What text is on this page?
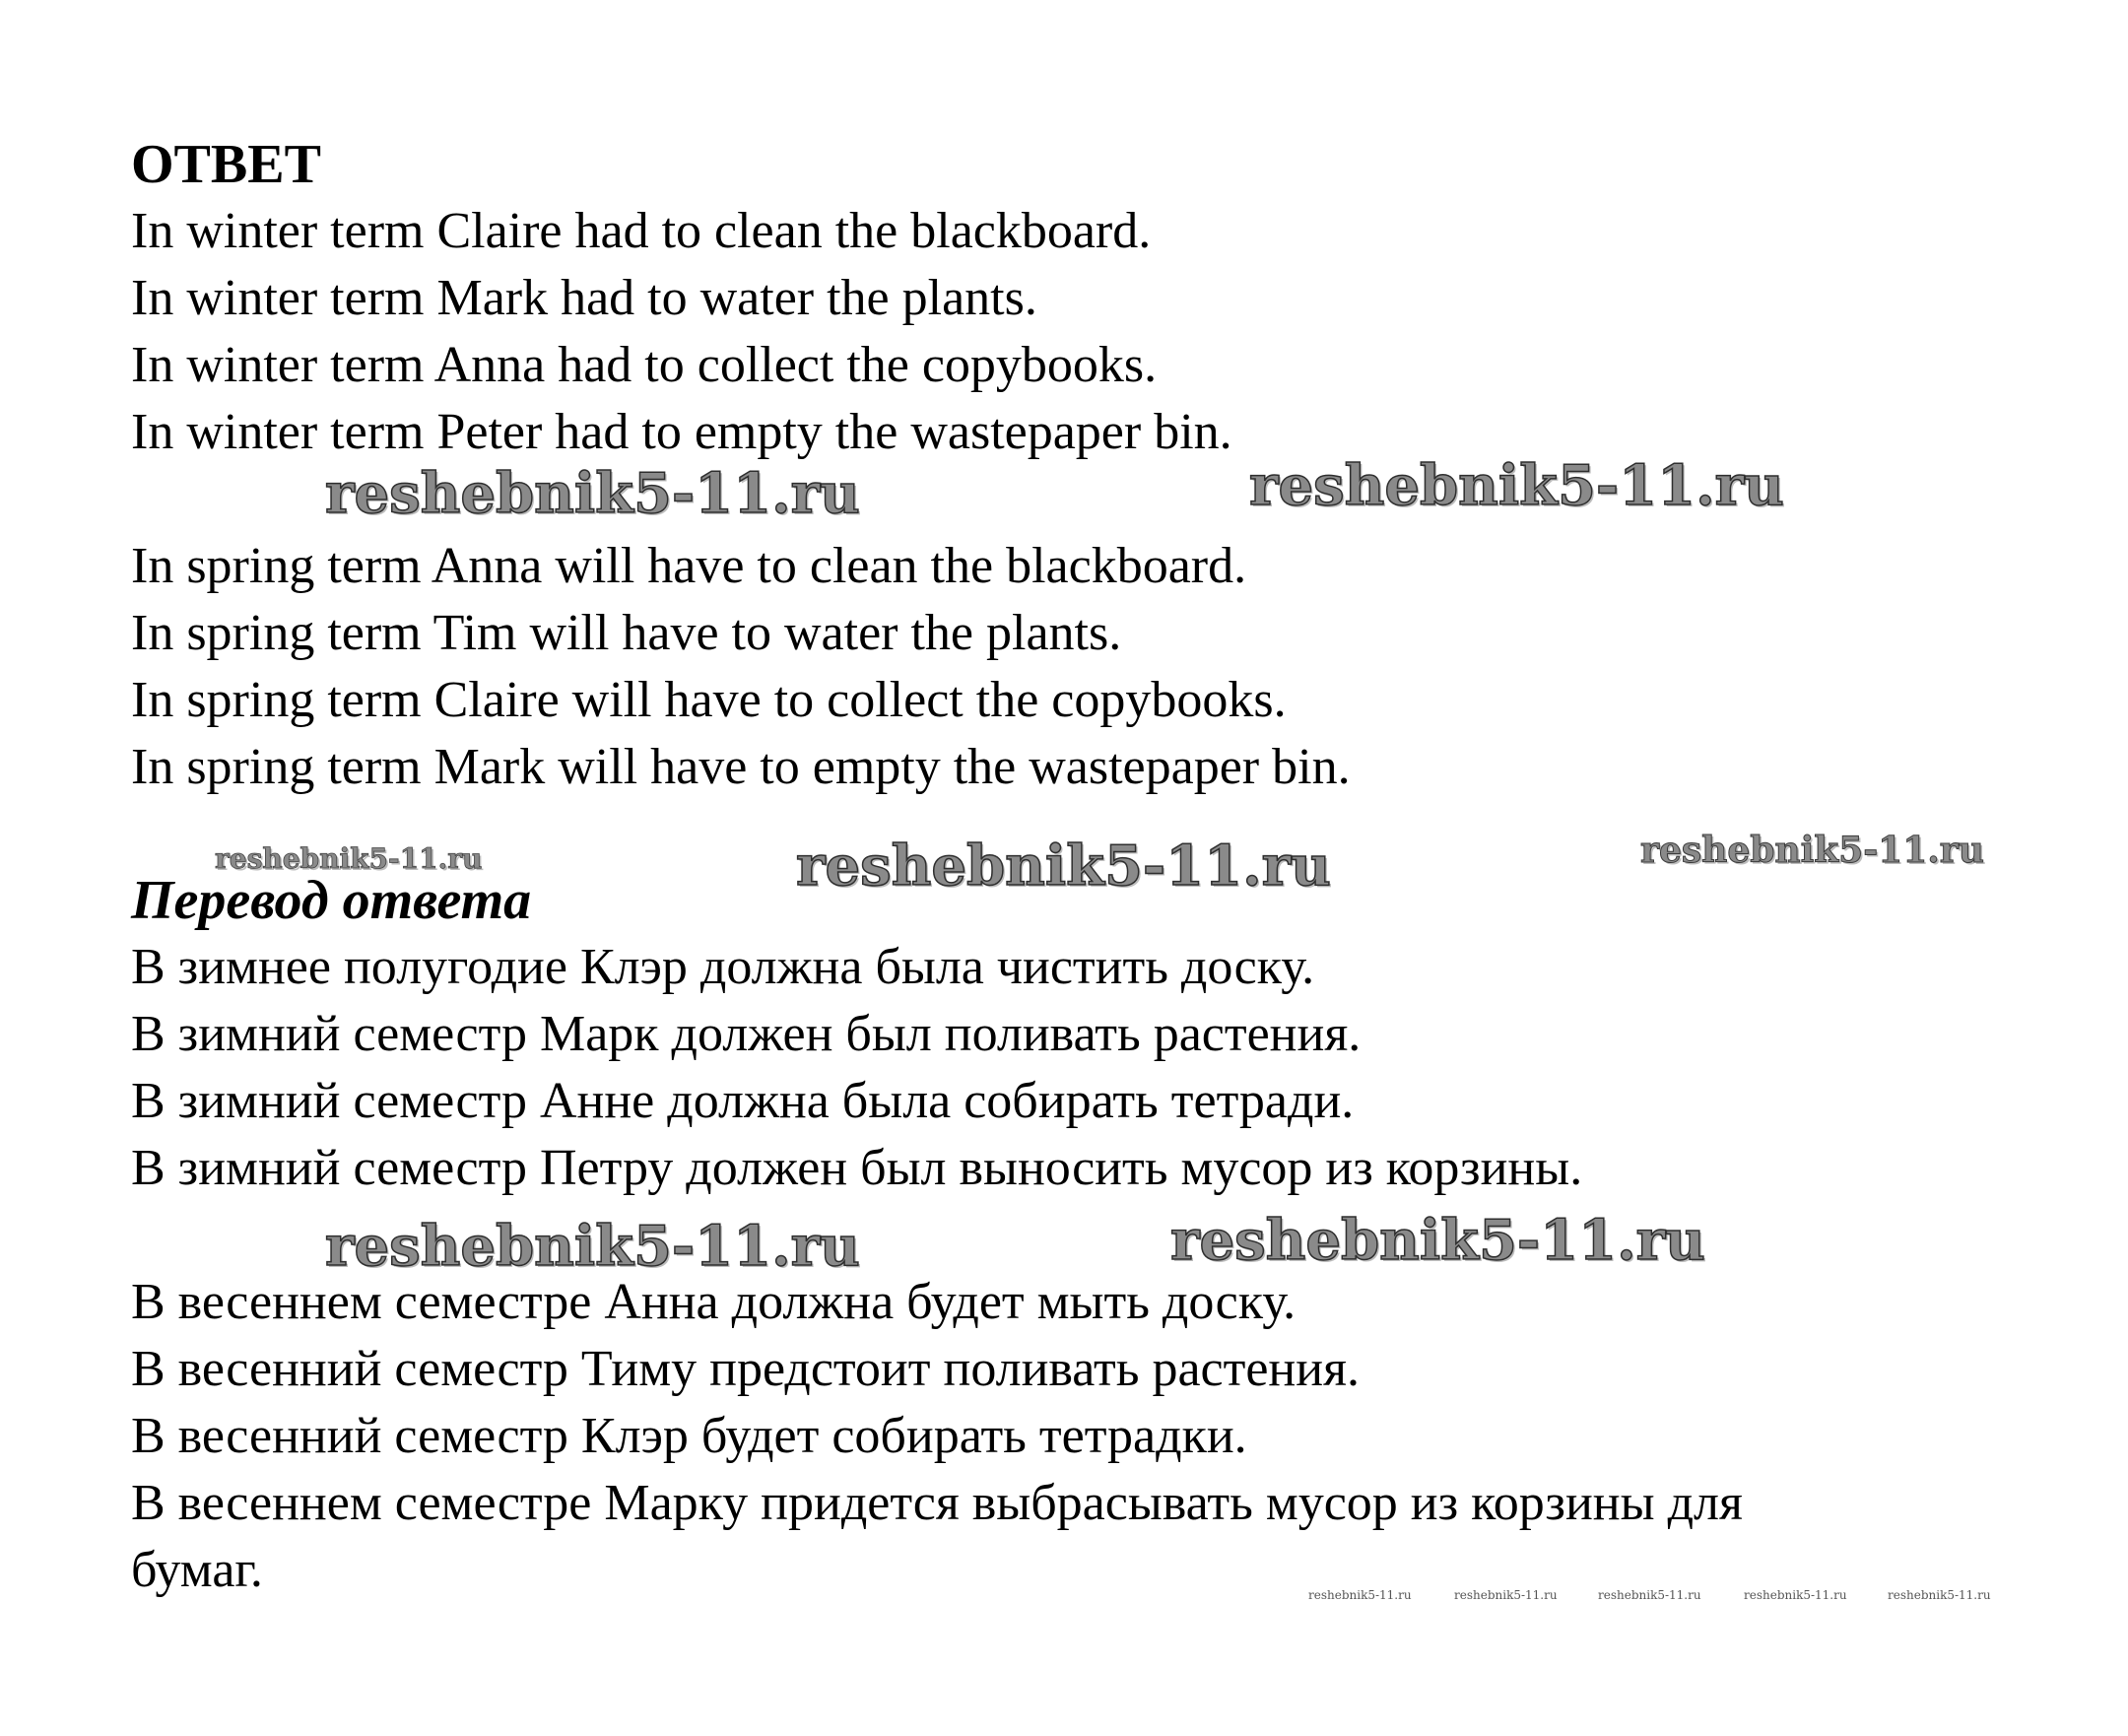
ОТВЕТ
In winter term Claire had to clean the blackboard.
In winter term Mark had to water the plants.
In winter term Anna had to collect the copybooks.
In winter term Peter had to empty the wastepaper bin.
reshebnik5-11.ru	reshebnik5-11.ru
In spring term Anna will have to clean the blackboard.
In spring term Tim will have to water the plants.
In spring term Claire will have to collect the copybooks.
In spring term Mark will have to empty the wastepaper bin.
reshebnik5-11.ru	reshebnik5-11.ru	reshebnik5-11.ru
Перевод ответа
В зимнее полугодие Клэр должна была чистить доску.
В зимний семестр Марк должен был поливать растения.
В зимний семестр Анне должна была собирать тетради.
В зимний семестр Петру должен был выносить мусор из корзины.
reshebnik5-11.ru	reshebnik5-11.ru
В весеннем семестре Анна должна будет мыть доску.
В весенний семестр Тиму предстоит поливать растения.
В весенний семестр Клэр будет собирать тетрадки.
В весеннем семестре Марку придется выбрасывать мусор из корзины для
бумаг.	reshebnik5-11.ru	reshebnik5-11.ru	reshebnik5-11.ru	reshebnik5-11.ru	reshebnik5-11.ru
